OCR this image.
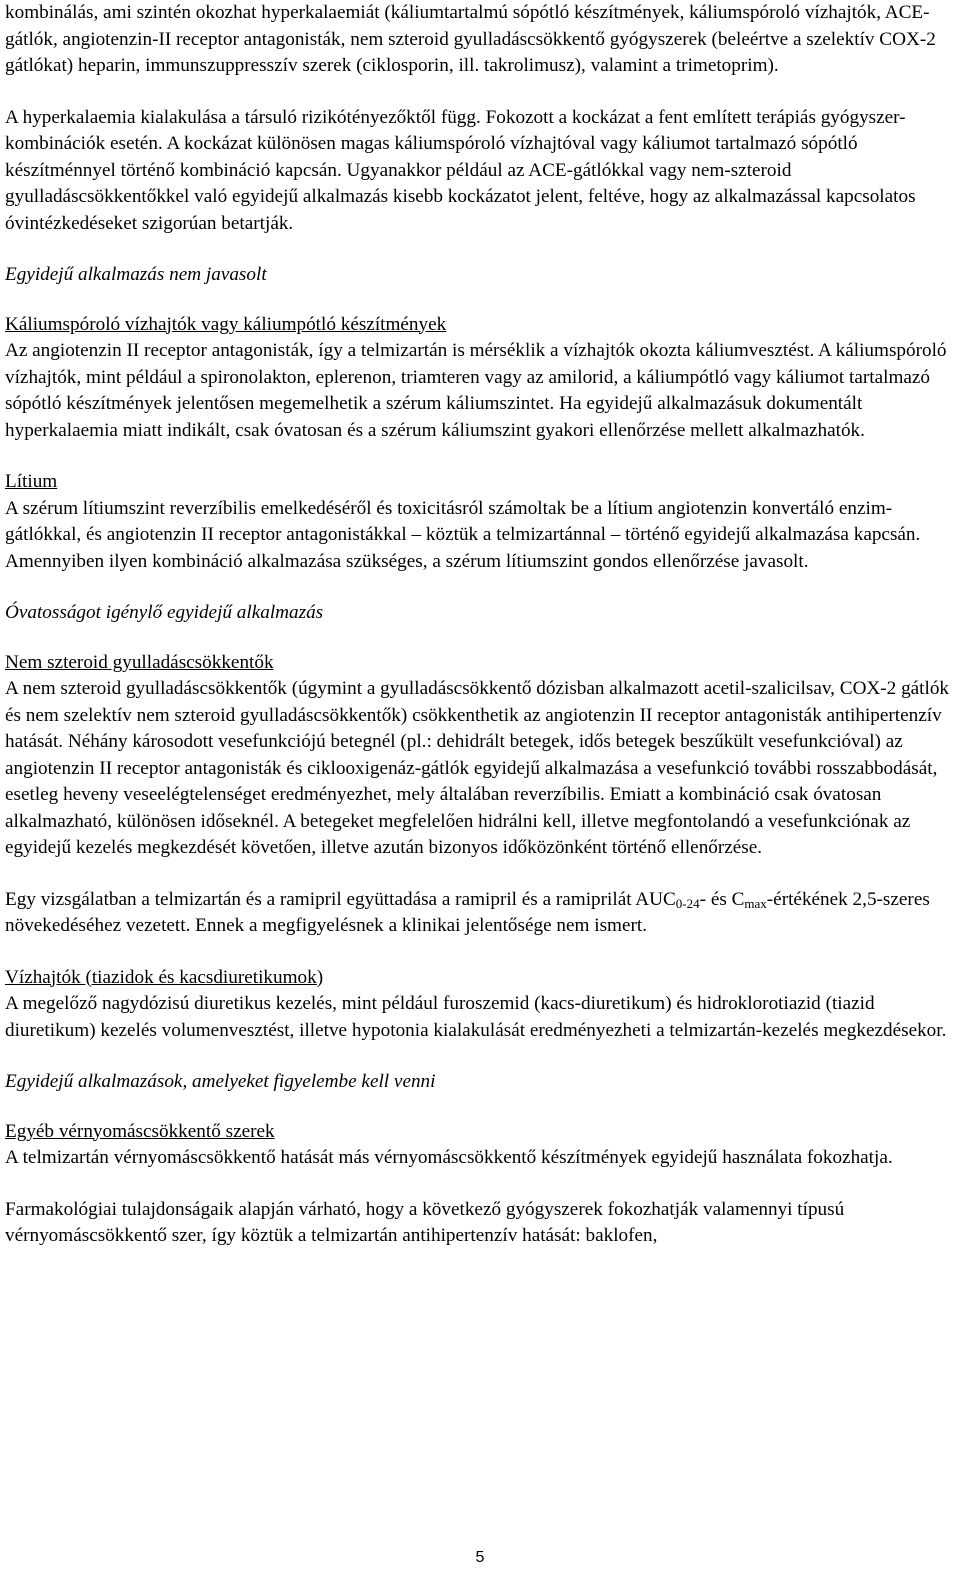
kombinálás, ami szintén okozhat hyperkalaemiát (káliumtartalmú sópótló készítmények, káliumspóroló vízhajtók, ACE-gátlók, angiotenzin-II receptor antagonisták, nem szteroid gyulladáscsökkentő gyógyszerek (beleértve a szelektív COX-2 gátlókat) heparin, immunszuppresszív szerek (ciklosporin, ill. takrolimusz), valamint a trimetoprim).

A hyperkalaemia kialakulása a társuló rizikótényezőktől függ. Fokozott a kockázat a fent említett terápiás gyógyszer-kombinációk esetén. A kockázat különösen magas káliumspóroló vízhajtóval vagy káliumot tartalmazó sópótló készítménnyel történő kombináció kapcsán. Ugyanakkor például az ACE-gátlókkal vagy nem-szteroid gyulladáscsökkentőkkel való egyidejű alkalmazás kisebb kockázatot jelent, feltéve, hogy az alkalmazással kapcsolatos óvintézkedéseket szigorúan betartják.

Egyidejű alkalmazás nem javasolt

Káliumspóroló vízhajtók vagy káliumpótló készítmények

Az angiotenzin II receptor antagonisták, így a telmizartán is mérséklik a vízhajtók okozta káliumvesztést. A káliumspóroló vízhajtók, mint például a spironolakton, eplerenon, triamteren vagy az amilorid, a káliumpótló vagy káliumot tartalmazó sópótló készítmények jelentősen megemelhetik a szérum káliumszintet. Ha egyidejű alkalmazásuk dokumentált hyperkalaemia miatt indikált, csak óvatosan és a szérum káliumszint gyakori ellenőrzése mellett alkalmazhatók.

Lítium

A szérum lítiumszint reverzíbilis emelkedéséről és toxicitásról számoltak be a lítium angiotenzin konvertáló enzim-gátlókkal, és angiotenzin II receptor antagonistákkal – köztük a telmizartánnal – történő egyidejű alkalmazása kapcsán. Amennyiben ilyen kombináció alkalmazása szükséges, a szérum lítiumszint gondos ellenőrzése javasolt.

Óvatosságot igénylő egyidejű alkalmazás

Nem szteroid gyulladáscsökkentők

A nem szteroid gyulladáscsökkentők (úgymint a gyulladáscsökkentő dózisban alkalmazott acetil-szalicilsav, COX-2 gátlók és nem szelektív nem szteroid gyulladáscsökkentők) csökkenthetik az angiotenzin II receptor antagonisták antihipertenzív hatását. Néhány károsodott vesefunkciójú betegnél (pl.: dehidrált betegek, idős betegek beszűkült vesefunkcióval) az angiotenzin II receptor antagonisták és ciklooxigenáz-gátlók egyidejű alkalmazása a vesefunkció további rosszabbodását, esetleg heveny veseelégtelenséget eredményezhet, mely általában reverzíbilis. Emiatt a kombináció csak óvatosan alkalmazható, különösen időseknél. A betegeket megfelelően hidrálni kell, illetve megfontolandó a vesefunkciónak az egyidejű kezelés megkezdését követően, illetve azután bizonyos időközönként történő ellenőrzése.

Egy vizsgálatban a telmizartán és a ramipril együttadása a ramipril és a ramiprilát $AUC_{0-24}-$ és $C_{max}$-értékének 2,5-szeres növekedéséhez vezetett. Ennek a megfigyelésnek a klinikai jelentősége nem ismert.

Vízhajtók (tiazidok és kacsdiuretikumok)

A megelőző nagydózisú diuretikus kezelés, mint például furoszemid (kacs-diuretikum) és hidroklorotiazid (tiazid diuretikum) kezelés volumenvesztést, illetve hypotonia kialakulását eredményezheti a telmizartán-kezelés megkezdésekor.

Egyidejű alkalmazások, amelyeket figyelembe kell venni

Egyéb vérnyomáscsökkentő szerek

A telmizartán vérnyomáscsökkentő hatását más vérnyomáscsökkentő készítmények egyidejű használata fokozhatja.

Farmakológiai tulajdonságaik alapján várható, hogy a következő gyógyszerek fokozhatják valamennyi típusú vérnyomáscsökkentő szer, így köztük a telmizartán antihipertenzív hatását: baklofen,

5
